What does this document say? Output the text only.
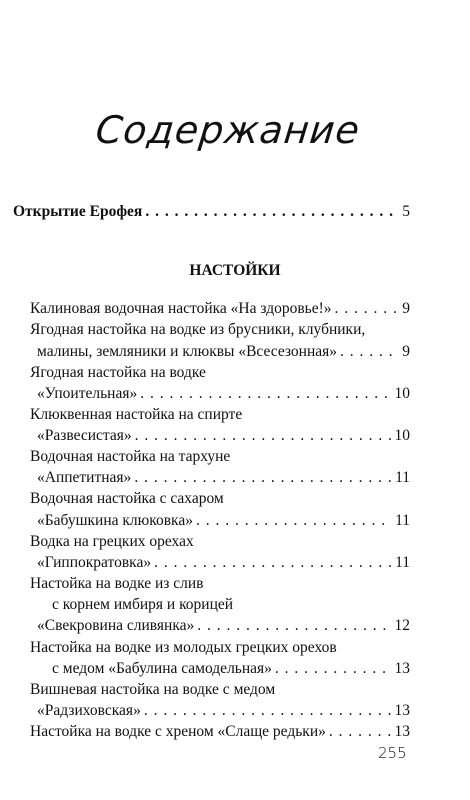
Содержание
Открытие Ерофея . . .	5
НАСТОЙКИ
Калиновая водочная настойка «На здоровье!» . . .	9
Ягодная настойка на водке из брусники, клубники,
малины, земляники и клюквы «Всесезонная» . . .	9
Ягодная настойка на водке
«Упоительная» . . .	10
Клюквенная настойка на спирте
«Развесистая» . . .	10
Водочная настойка на тархуне
«Аппетитная» . . .	11
Водочная настойка с сахаром
«Бабушкина клюковка» . . .	11
Водка на грецких орехах
«Гиппократовка» . . .	11
Настойка на водке из слив
с корнем имбиря и корицей
«Свекровина сливянка» . . .	12
Настойка на водке из молодых грецких орехов
с медом «Бабулина самодельная» . . .	13
Вишневая настойка на водке с медом
«Радзиховская» . . .	13
Настойка на водке с хреном «Слаще редьки» . . .	13
255
